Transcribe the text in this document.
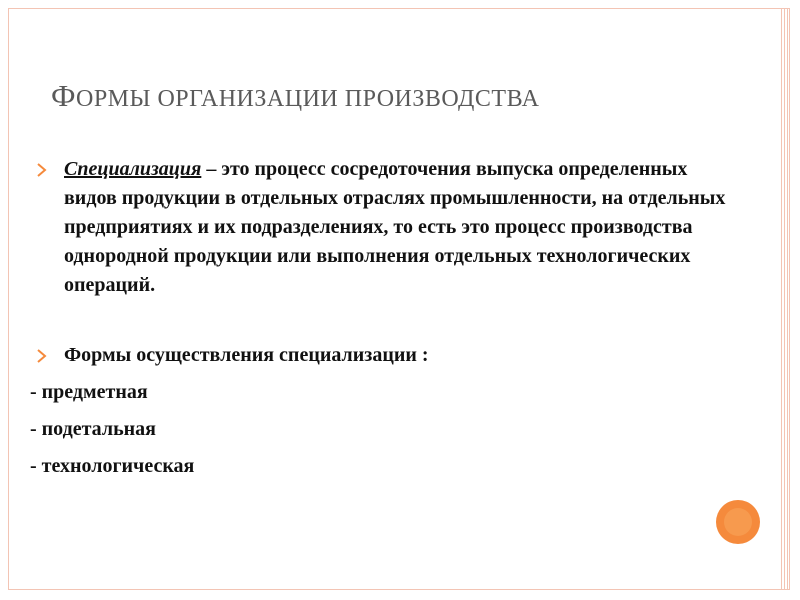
ФОРМЫ ОРГАНИЗАЦИИ ПРОИЗВОДСТВА
Специализация – это процесс сосредоточения выпуска определенных видов продукции в отдельных отраслях промышленности, на отдельных предприятиях и их подразделениях, то есть это процесс производства однородной продукции или выполнения отдельных технологических операций.
Формы осуществления специализации :
- предметная
- подетальная
- технологическая
